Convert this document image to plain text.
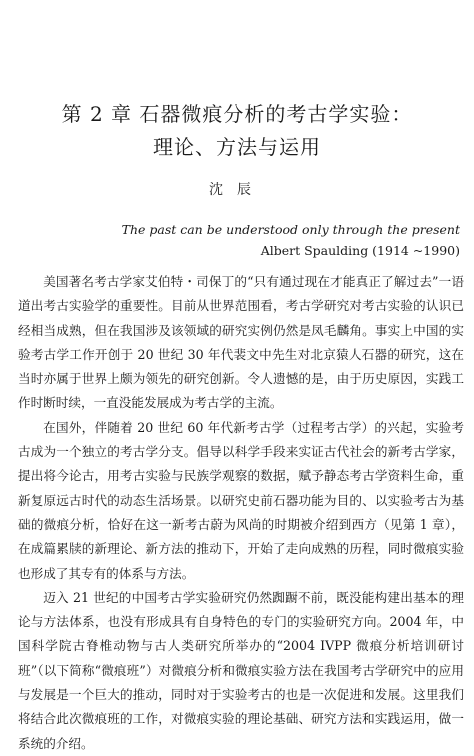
第 2 章 石器微痕分析的考古学实验：
理论、方法与运用
沈辰
The past can be understood only through the present
Albert Spaulding (1914 ~1990)

美国著名考古学家艾伯特・司保丁的“只有通过现在才能真正了解过去”一语道出考古实验学的重要性。目前从世界范围看，考古学研究对考古实验的认识已经相当成熟，但在我国涉及该领域的研究实例仍然是凤毛麟角。事实上中国的实验考古学工作开创于 20 世纪 30 年代裴文中先生对北京猿人石器的研究，这在当时亦属于世界上颇为领先的研究创新。令人遗憾的是，由于历史原因，实践工作时断时续，一直没能发展成为考古学的主流。

在国外，伴随着 20 世纪 60 年代新考古学（过程考古学）的兴起，实验考古成为一个独立的考古学分支。倡导以科学手段来实证古代社会的新考古学家，提出将今论古，用考古实验与民族学观察的数据，赋予静态考古学资料生命，重新复原远古时代的动态生活场景。以研究史前石器功能为目的、以实验考古为基础的微痕分析，恰好在这一新考古蔚为风尚的时期被介绍到西方（见第 1 章），在成篇累牍的新理论、新方法的推动下，开始了走向成熟的历程，同时微痕实验也形成了其专有的体系与方法。

迈入 21 世纪的中国考古学实验研究仍然踟蹰不前，既没能构建出基本的理论与方法体系，也没有形成具有自身特色的专门的实验研究方向。2004 年，中国科学院古脊椎动物与古人类研究所举办的“2004 IVPP 微痕分析培训研讨班”（以下简称“微痕班”）对微痕分析和微痕实验方法在我国考古学研究中的应用与发展是一个巨大的推动，同时对于实验考古的也是一次促进和发展。这里我们将结合此次微痕班的工作，对微痕实验的理论基础、研究方法和实践运用，做一系统的介绍。
